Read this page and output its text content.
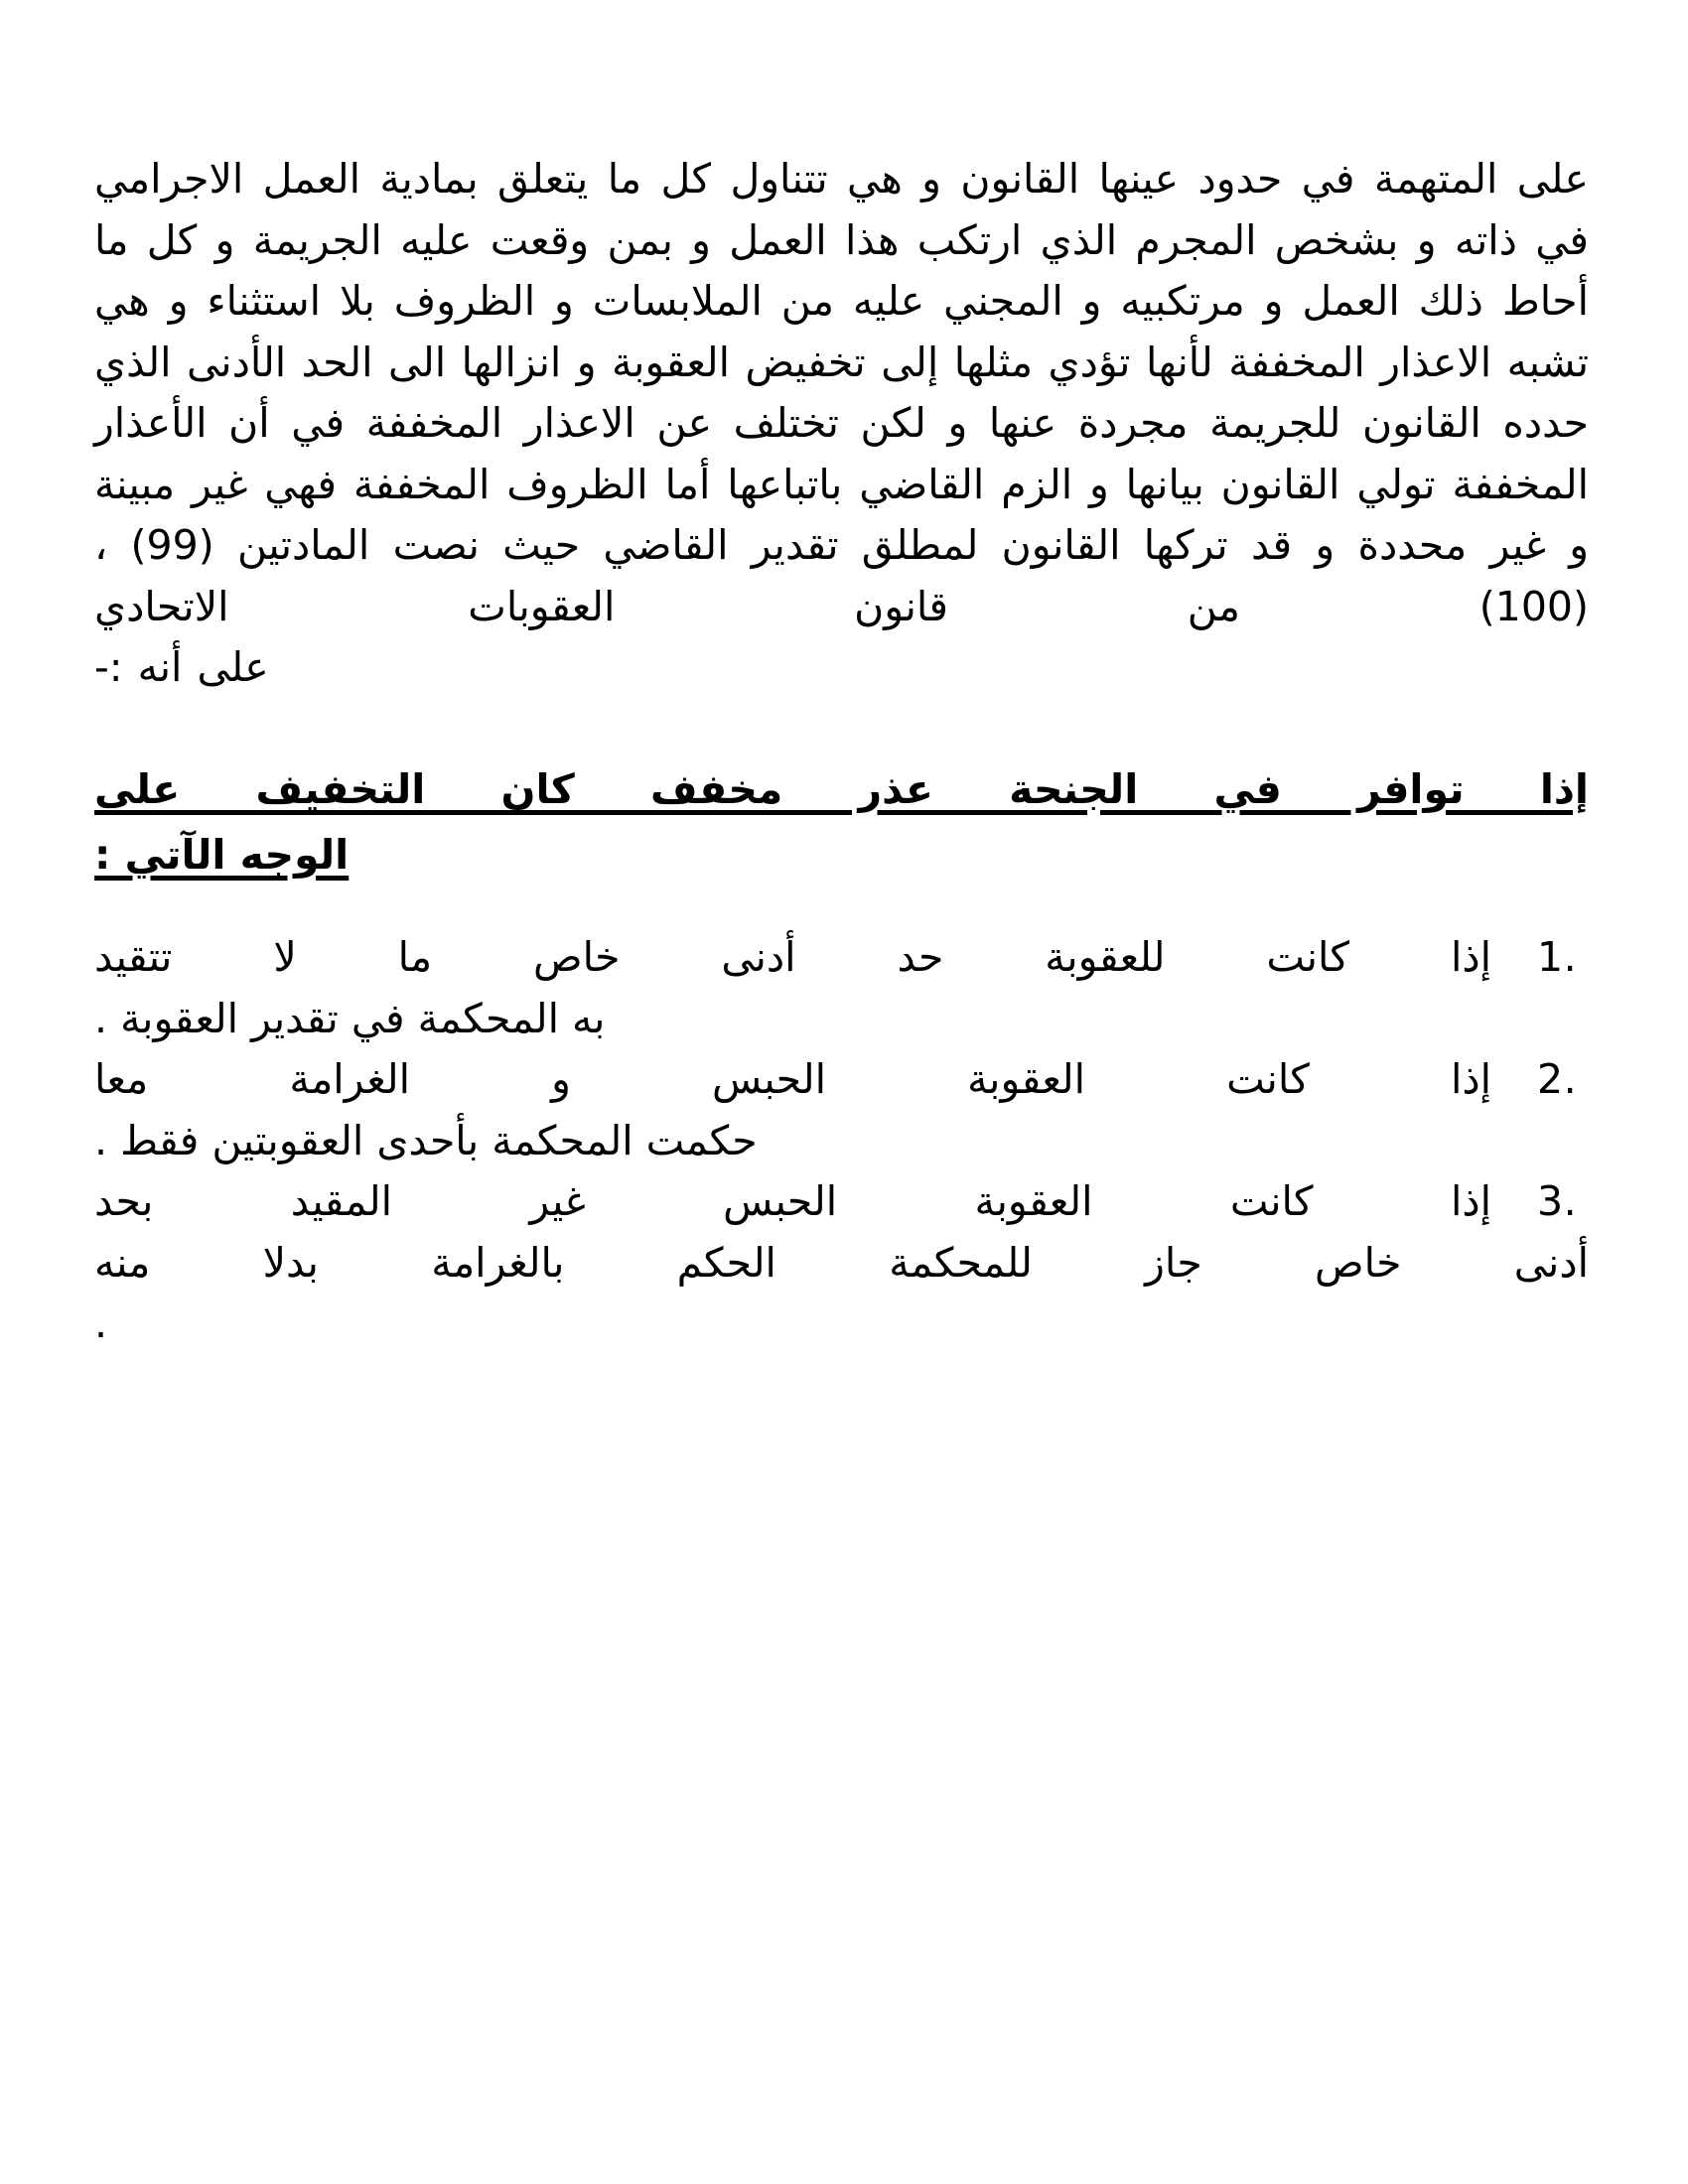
على المتهمة في حدود عينها القانون و هي تتناول كل ما يتعلق بمادية العمل الاجرامي في ذاته و بشخص المجرم الذي ارتكب هذا العمل و بمن وقعت عليه الجريمة و كل ما أحاط ذلك العمل و مرتكبيه و المجني عليه من الملابسات و الظروف بلا استثناء و هي تشبه الاعذار المخففة لأنها تؤدي مثلها إلى تخفيض العقوبة و انزالها الى الحد الأدنى الذي حدده القانون للجريمة مجردة عنها و لكن تختلف عن الاعذار المخففة في أن الأعذار المخففة تولي القانون بيانها و الزم القاضي باتباعها أما الظروف المخففة فهي غير مبينة و غير محددة و قد تركها القانون لمطلق تقدير القاضي حيث نصت المادتين (99) ، (100) من قانون العقوبات الاتحادي
على أنه :-
إذا توافر في الجنحة عذر مخفف كان التخفيف على
الوجه الآتي :
1.إذا كانت للعقوبة حد أدنى خاص ما لا تتقيد
به المحكمة في تقدير العقوبة .
2.إذا كانت العقوبة الحبس و الغرامة معا
حكمت المحكمة بأحدى العقوبتين فقط .
3.إذا كانت العقوبة الحبس غير المقيد بحد
أدنى خاص جاز للمحكمة الحكم بالغرامة بدلا منه
.
